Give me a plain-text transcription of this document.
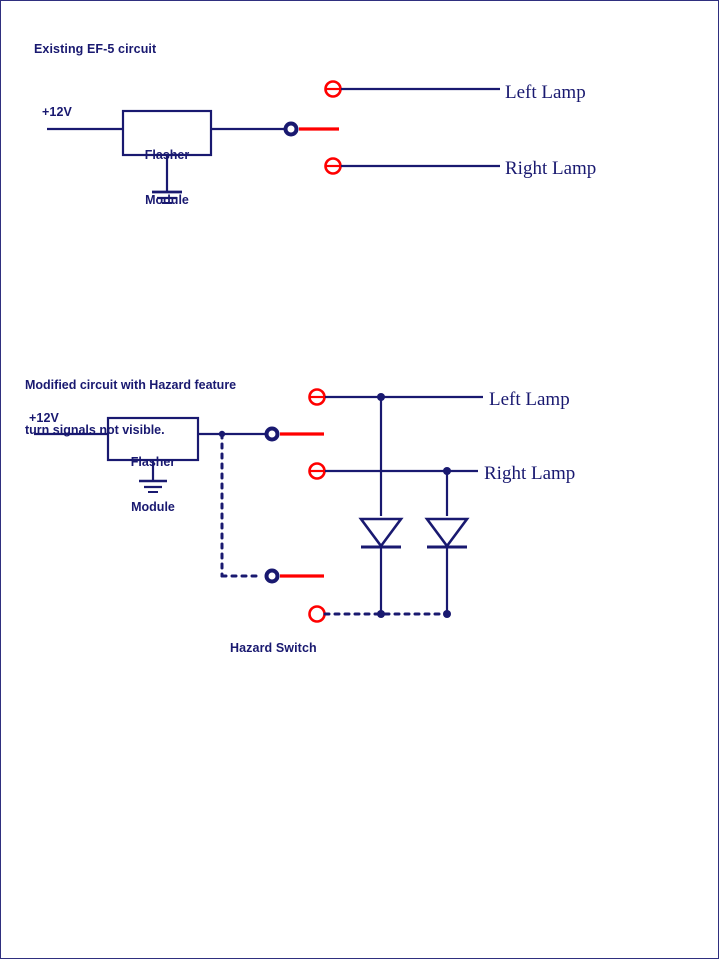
Existing EF-5 circuit
+12V

Flasher

Module

Left Lamp
Right Lamp

Modified circuit with Hazard feature

turn signals not visible.

+12V

Flasher

Module

Left Lamp
Right Lamp
Hazard Switch
